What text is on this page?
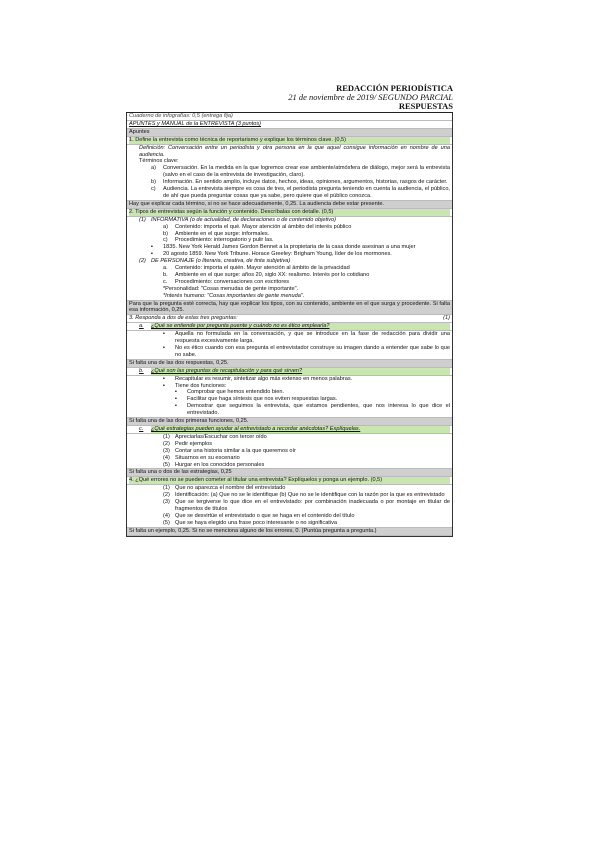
REDACCIÓN PERIODÍSTICA
21 de noviembre de 2019/ SEGUNDO PARCIAL
RESPUESTAS
Cuaderno de infografías: 0,5 (entrega fija)
APUNTES y MANUAL de la ENTREVISTA (3 puntos)
Apuntes
1. Define la entrevista como técnica de reportarismo y explique los términos clave. (0,5)
Definición: Conversación entre un periodista y otra persona en la que aquel consigue información en nombre de una audiencia.
Términos clave:
a)	Conversación. En la medida en la que logremos crear ese ambiente/atmósfera de diálogo, mejor será la entrevista (salvo en el caso de la entrevista de investigación, claro).
b)	Información. En sentido amplio, incluye datos, hechos, ideas, opiniones, argumentos, historias, rasgos de carácter.
c)	Audiencia. La entrevista siempre es cosa de tres, el periodista pregunta teniendo en cuenta la audiencia, el público, de ahí que pueda preguntar cosas que ya sabe, pero quiere que el público conozca.
Hay que explicar cada término, si no se hace adecuadamente, 0,25. La audiencia debe estar presente.
2. Tipos de entrevistas según la función y contenido. Descríbalas con detalle. (0,5)
(1) INFORMATIVA (o de actualidad, de declaraciones o de contenido objetivo)
a)	Contenido: importa el qué. Mayor atención al ámbito del interés público
b)	Ambiente en el que surge: informales.
c)	Procedimiento: interrogatorio y pulir las.
▪	1835. New York Herald James Gordon Bennet a la propietaria de la casa donde asesinan a una mujer
▪	20 agosto 1859. New York Tribune. Horace Greeley: Brigham Young, líder de los mormones.
(2) DE PERSONAJE (o literaria, creativa, de tinta subjetiva)
a.	Contenido: importa el quién. Mayor atención al ámbito de la privacidad
b.	Ambiente en el que surge: años 20, siglo XX: realismo. Interés por lo cotidiano
c.	Procedimiento: conversaciones con escritores
*Personalidad: "Cosas menudas de gente importante".
*Interés humano: "Cosas importantes de gente menuda".
Para que la pregunta esté correcta, hay que explicar los tipos, con su contenido, ambiente en el que surga y procedente. Si falta esa información, 0,25.
(1)
3. Responda a dos de estas tres preguntas:
a.	¿Qué se entiende por pregunta puente y cuándo no es ético emplearla?
▪	Aquella no formulada en la conversación, y que se introduce en la fase de redacción para dividir una respuesta excesivamente larga.
▪	No es ético cuando con esa pregunta el entrevistador construye su imagen dando a entender que sabe lo que no sabe.
Si falta una de las dos respuestas, 0,25.
b.	¿Qué son las preguntas de recapitulación y para qué sirven?
▪	Recapitular es resumir, sintetizar algo más extenso en menos palabras.
▪	Tiene dos funciones:
▪	Comprobar que hemos entendido bien.
▪	Facilitar que haga síntesis que nos eviten respuestas largas.
▪	Demostrar que seguimos la entrevista, que estamos pendientes, que nos interesa lo que dice el entrevistado.
Si falta una de las dos primeras funciones, 0,25.
c.	¿Qué estrategias pueden ayudar al entrevistado a recordar anécdotas? Explíquelas.
(1) Apreciarlas/Escuchar con tercer oído
(2) Pedir ejemplos
(3) Contar una historia similar a la que queremos oír
(4) Situarnos en su escenario
(5) Hurgar en los conocidos personales
Si falta una o dos de las estrategias, 0,25
4. ¿Qué errores no se pueden cometer al titular una entrevista? Explíquelos y ponga un ejemplo. (0,5)
(1) Que no aparezca el nombre del entrevistado
(2) Identificación: (a) Que no se le identifique (b) Que no se le identifique con la razón por la que es entrevistado
(3) Que se tergiverse lo que dice en el entrevistado: por combinación inadecuada o por montaje en titular de fragmentos de títulos
(4) Que se desvirtúe el entrevistado o que se haga en el contenido del título
(5) Que se haya elegido una frase poco interesante o no significativa
Si falta un ejemplo, 0,25. Si no se menciona alguno de los errores, 0. (Puntúa pregunta a pregunta.)
